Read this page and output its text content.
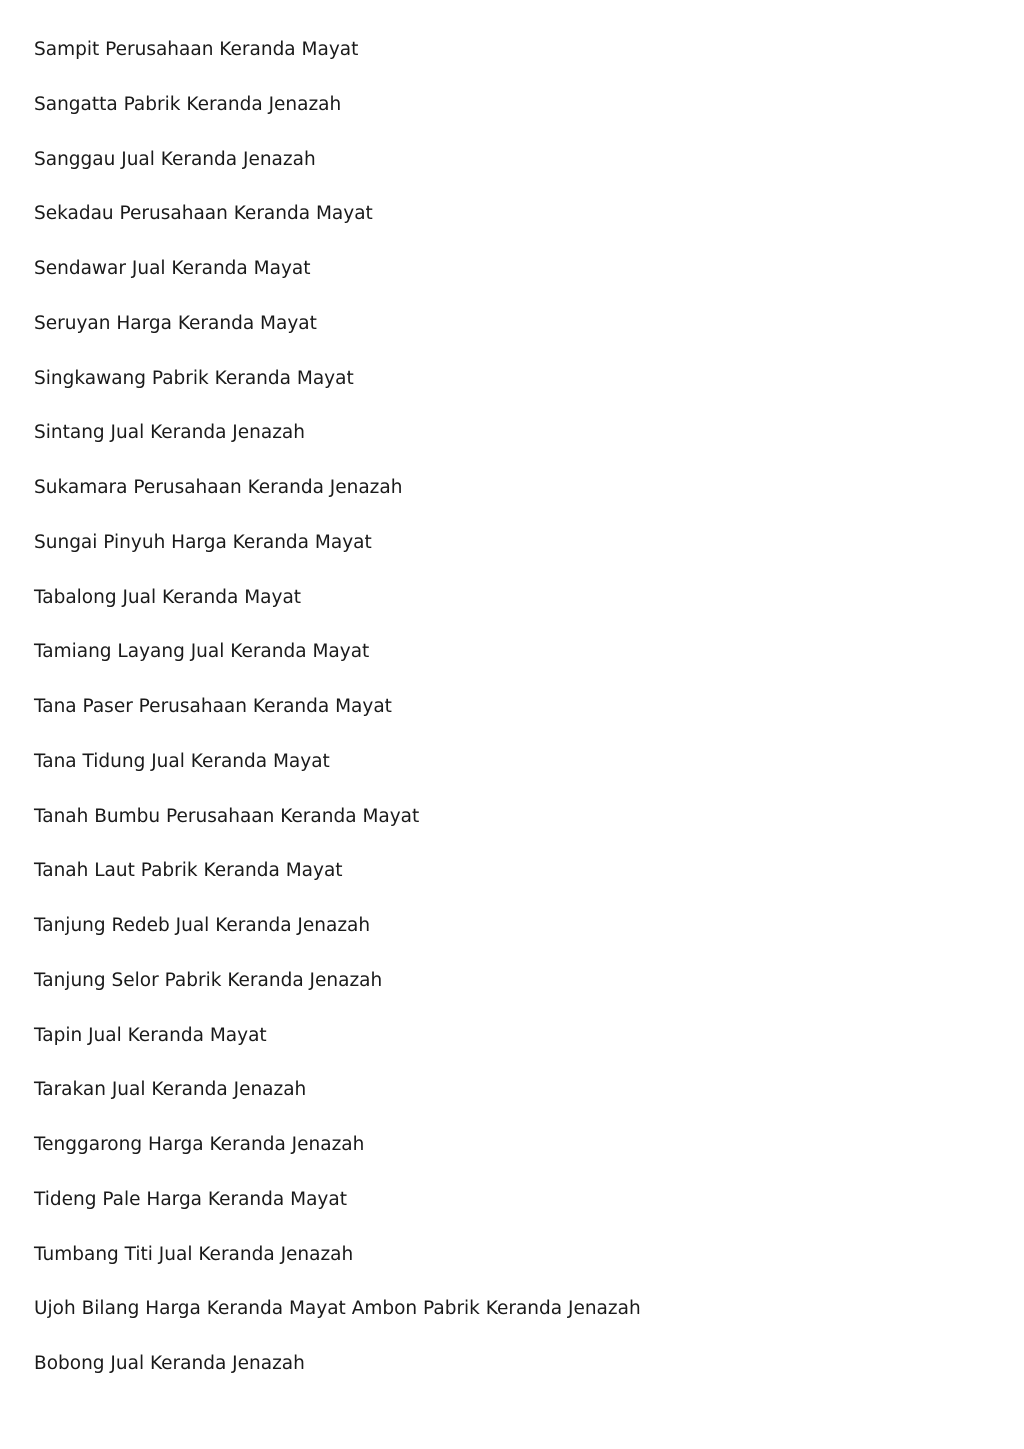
Sampit Perusahaan Keranda Mayat
Sangatta Pabrik Keranda Jenazah
Sanggau Jual Keranda Jenazah
Sekadau Perusahaan Keranda Mayat
Sendawar Jual Keranda Mayat
Seruyan Harga Keranda Mayat
Singkawang Pabrik Keranda Mayat
Sintang Jual Keranda Jenazah
Sukamara Perusahaan Keranda Jenazah
Sungai Pinyuh Harga Keranda Mayat
Tabalong Jual Keranda Mayat
Tamiang Layang Jual Keranda Mayat
Tana Paser Perusahaan Keranda Mayat
Tana Tidung Jual Keranda Mayat
Tanah Bumbu Perusahaan Keranda Mayat
Tanah Laut Pabrik Keranda Mayat
Tanjung Redeb Jual Keranda Jenazah
Tanjung Selor Pabrik Keranda Jenazah
Tapin Jual Keranda Mayat
Tarakan Jual Keranda Jenazah
Tenggarong Harga Keranda Jenazah
Tideng Pale Harga Keranda Mayat
Tumbang Titi Jual Keranda Jenazah
Ujoh Bilang Harga Keranda Mayat Ambon Pabrik Keranda Jenazah
Bobong Jual Keranda Jenazah
